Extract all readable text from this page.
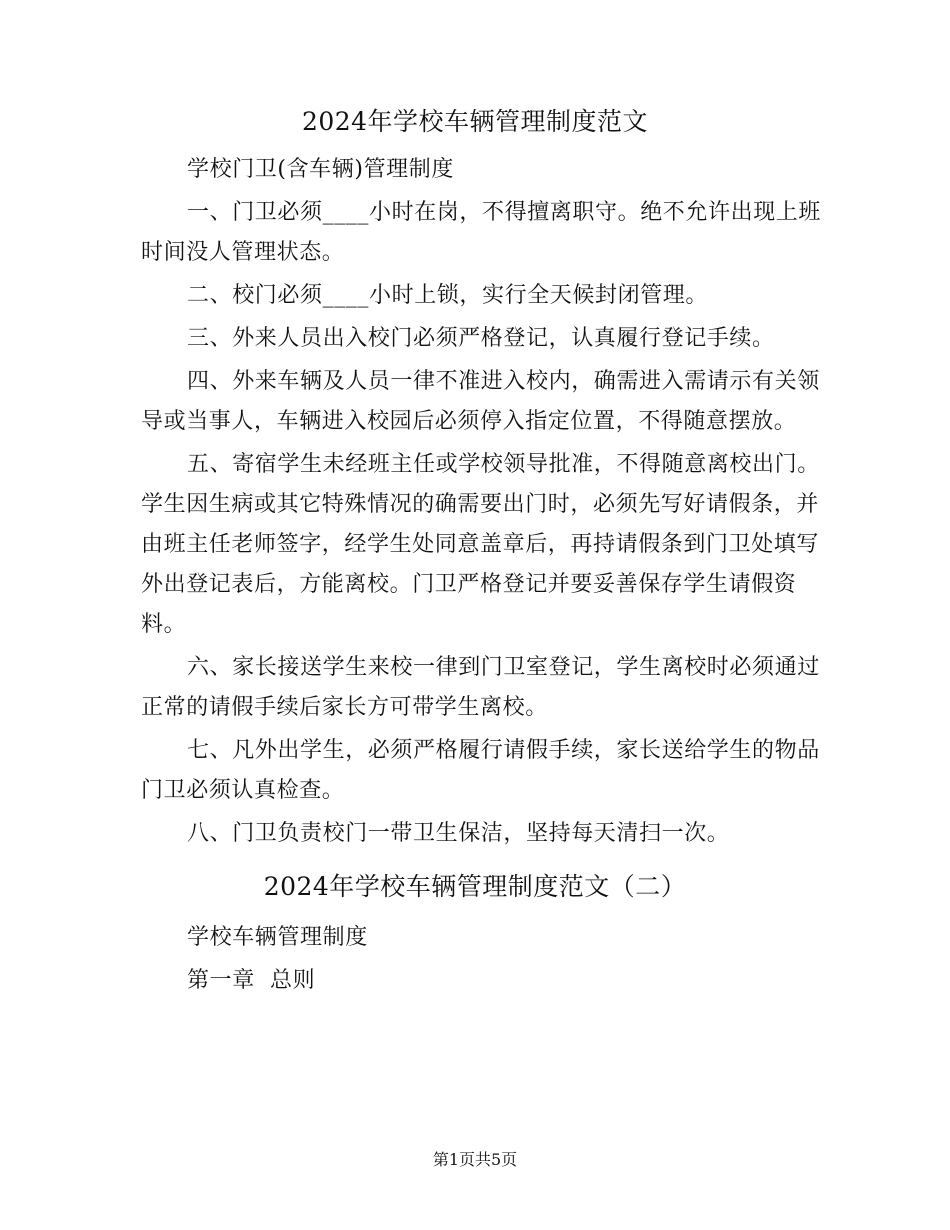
2024年学校车辆管理制度范文

学校门卫(含车辆)管理制度

一、门卫必须____小时在岗，不得擅离职守。绝不允许出现上班
时间没人管理状态。

二、校门必须____小时上锁，实行全天候封闭管理。

三、外来人员出入校门必须严格登记，认真履行登记手续。

四、外来车辆及人员一律不准进入校内，确需进入需请示有关领
导或当事人，车辆进入校园后必须停入指定位置，不得随意摆放。

五、寄宿学生未经班主任或学校领导批准，不得随意离校出门。
学生因生病或其它特殊情况的确需要出门时，必须先写好请假条，并
由班主任老师签字，经学生处同意盖章后，再持请假条到门卫处填写
外出登记表后，方能离校。门卫严格登记并要妥善保存学生请假资
料。

六、家长接送学生来校一律到门卫室登记，学生离校时必须通过
正常的请假手续后家长方可带学生离校。

七、凡外出学生，必须严格履行请假手续，家长送给学生的物品
门卫必须认真检查。

八、门卫负责校门一带卫生保洁，坚持每天清扫一次。

2024年学校车辆管理制度范文（二）

学校车辆管理制度

第一章  总则

第1页共5页
